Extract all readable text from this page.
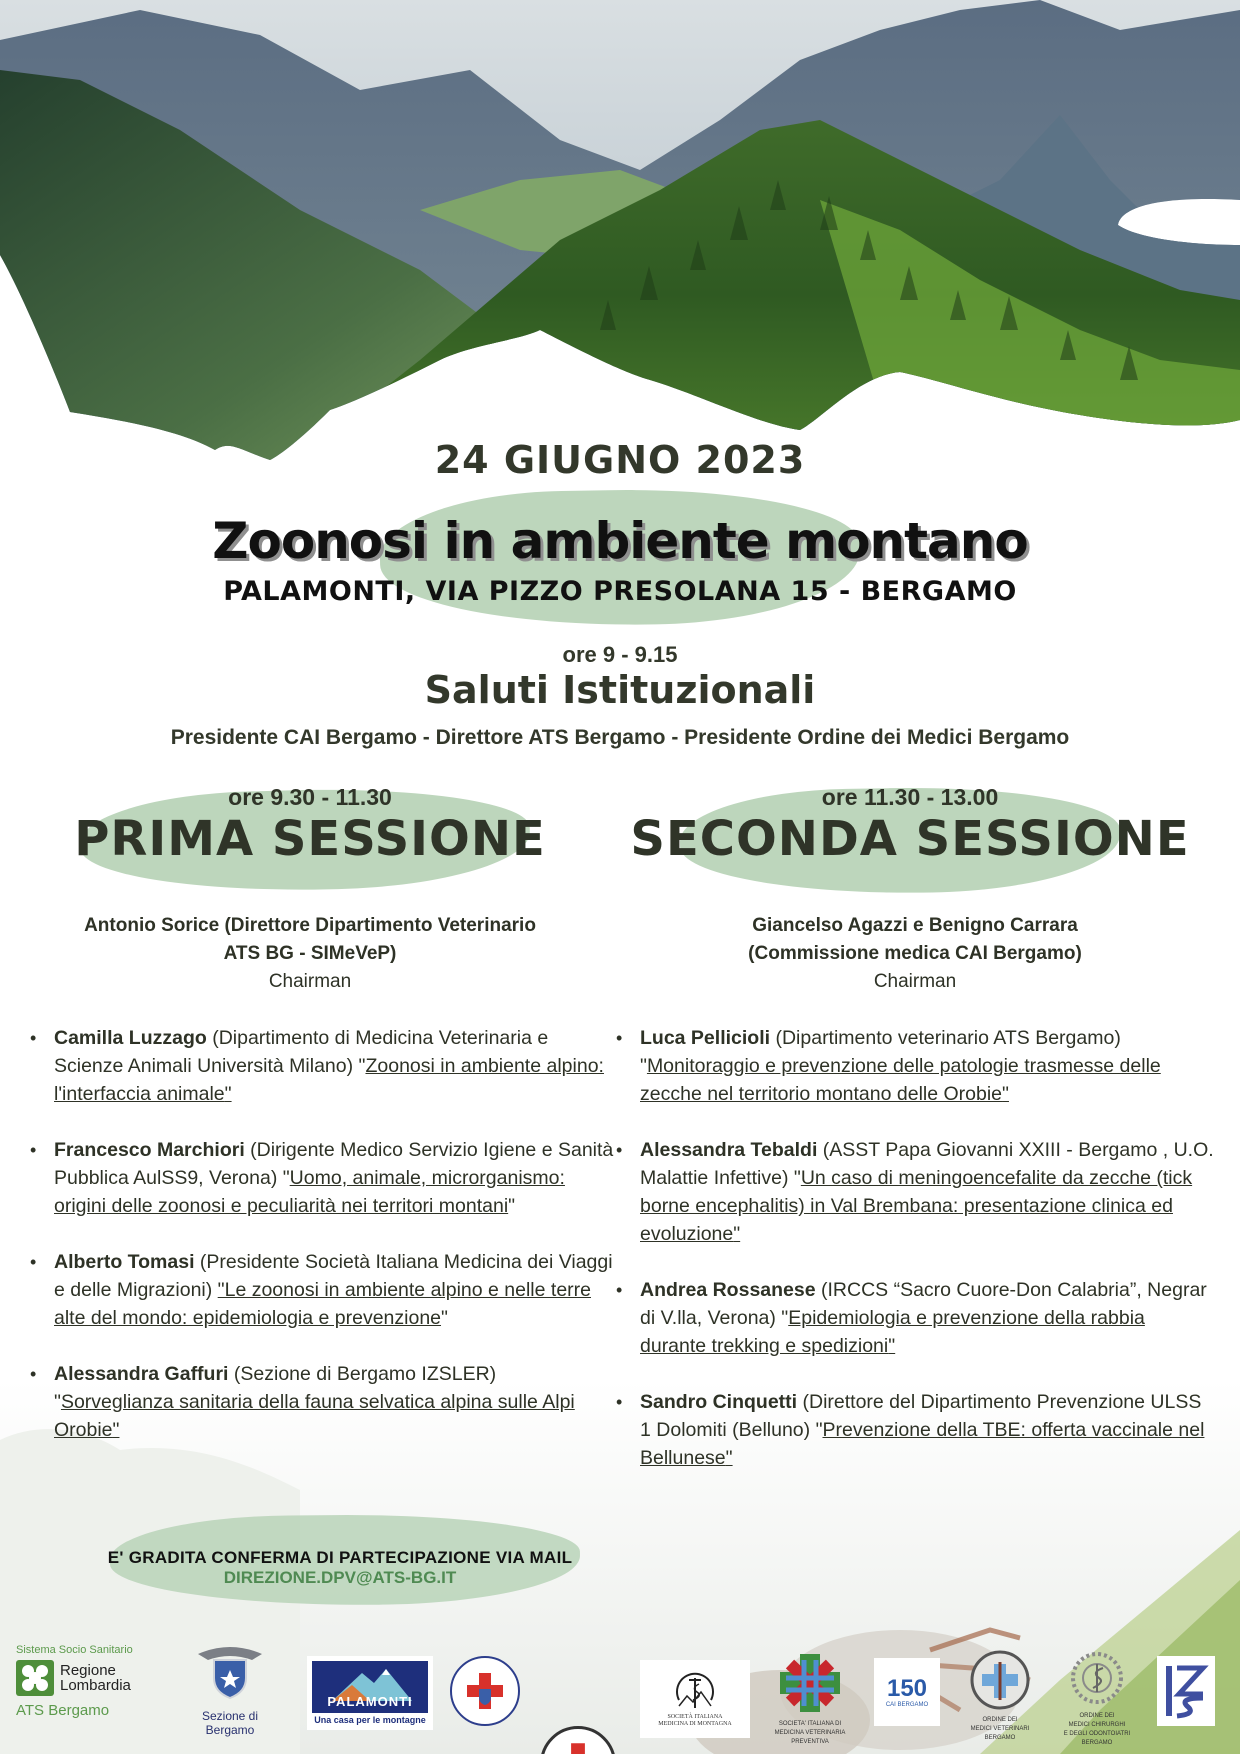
24 GIUGNO 2023
Zoonosi in ambiente montano
PALAMONTI, VIA PIZZO PRESOLANA 15 - BERGAMO
ore 9 - 9.15
Saluti Istituzionali
Presidente CAI Bergamo - Direttore ATS Bergamo - Presidente Ordine dei Medici Bergamo
ore 9.30 - 11.30
PRIMA SESSIONE
ore 11.30 - 13.00
SECONDA SESSIONE
Antonio Sorice (Direttore Dipartimento Veterinario
ATS BG - SIMeVeP)
Chairman
Giancelso Agazzi e Benigno Carrara
(Commissione medica CAI Bergamo)
Chairman
• Camilla Luzzago (Dipartimento di Medicina Veterinaria e Scienze Animali Università Milano) "Zoonosi in ambiente alpino: l'interfaccia animale"
• Francesco Marchiori (Dirigente Medico Servizio Igiene e Sanità Pubblica AulSS9, Verona) "Uomo, animale, microrganismo: origini delle zoonosi e peculiarità nei territori montani"
• Alberto Tomasi (Presidente Società Italiana Medicina dei Viaggi e delle Migrazioni) "Le zoonosi in ambiente alpino e nelle terre alte del mondo: epidemiologia e prevenzione"
• Alessandra Gaffuri (Sezione di Bergamo IZSLER) "Sorveglianza sanitaria della fauna selvatica alpina sulle Alpi Orobie"
• Luca Pellicioli (Dipartimento veterinario ATS Bergamo) "Monitoraggio e prevenzione delle patologie trasmesse delle zecche nel territorio montano delle Orobie"
• Alessandra Tebaldi (ASST Papa Giovanni XXIII - Bergamo , U.O. Malattie Infettive) "Un caso di meningoencefalite da zecche (tick borne encephalitis) in Val Brembana: presentazione clinica ed evoluzione"
• Andrea Rossanese (IRCCS “Sacro Cuore-Don Calabria”, Negrar di V.lla, Verona) "Epidemiologia e prevenzione della rabbia durante trekking e spedizioni"
• Sandro Cinquetti (Direttore del Dipartimento Prevenzione ULSS 1 Dolomiti (Belluno) "Prevenzione della TBE: offerta vaccinale nel Bellunese"
E' GRADITA CONFERMA DI PARTECIPAZIONE VIA MAIL
DIREZIONE.DPV@ATS-BG.IT
Sistema Socio Sanitario
Regione
Lombardia
ATS Bergamo	Sezione di Bergamo
PALAMONTI
Una casa per le montagne	SOCIETÀ ITALIANA
MEDICINA DI MONTAGNA	SOCIETA' ITALIANA DI
MEDICINA VETERINARIA
PREVENTIVA
150
CAI BERGAMO
ORDINE DEI
MEDICI VETERINARI
BERGAMO
ORDINE DEI
MEDICI CHIRURGHI
E DEGLI ODONTOIATRI
BERGAMO
